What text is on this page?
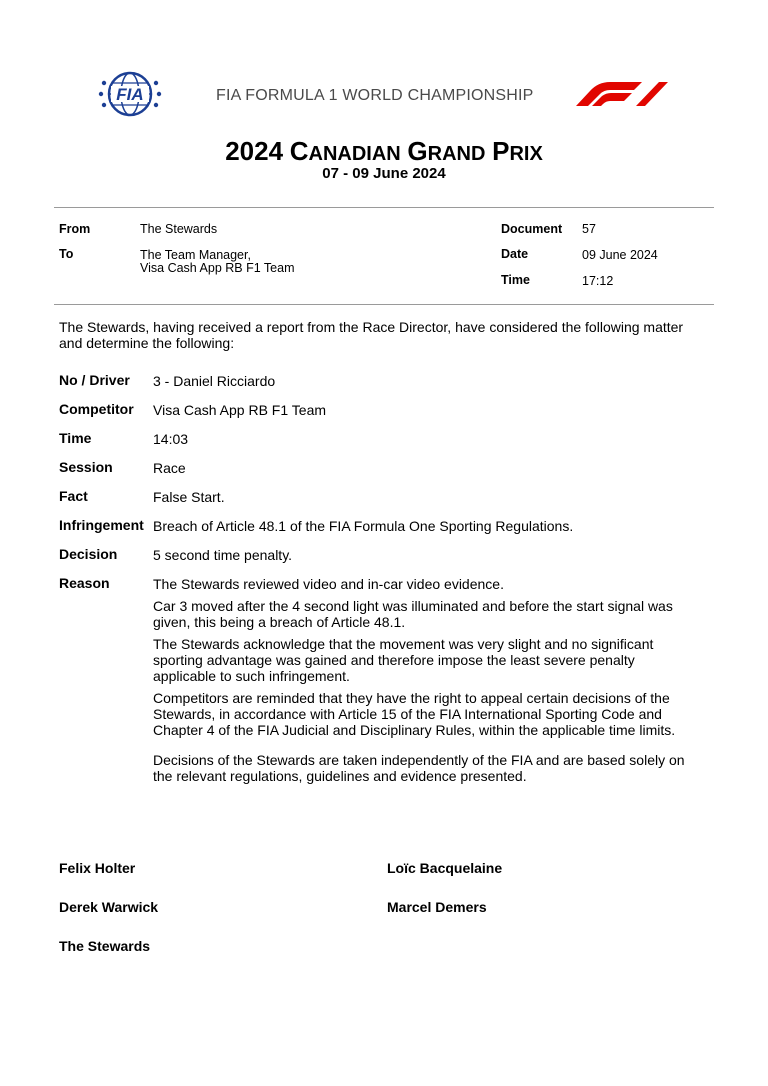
FIA	FIA FORMULA 1 WORLD CHAMPIONSHIP
2024 CANADIAN GRAND PRIX
07 - 09 June 2024
From	The Stewards
To	The Team Manager,
Visa Cash App RB F1 Team
Document 57
Date	09 June 2024
Time	17:12
The Stewards, having received a report from the Race Director, have considered the following matter and determine the following:
No / Driver 3 - Daniel Ricciardo
Competitor Visa Cash App RB F1 Team
Time	14:03
Session	Race
Fact	False Start.
Infringement Breach of Article 48.1 of the FIA Formula One Sporting Regulations.
Decision	5 second time penalty.
Reason	The Stewards reviewed video and in-car video evidence.

Car 3 moved after the 4 second light was illuminated and before the start signal was given, this being a breach of Article 48.1.

The Stewards acknowledge that the movement was very slight and no significant sporting advantage was gained and therefore impose the least severe penalty applicable to such infringement.

Competitors are reminded that they have the right to appeal certain decisions of the Stewards, in accordance with Article 15 of the FIA International Sporting Code and Chapter 4 of the FIA Judicial and Disciplinary Rules, within the applicable time limits.

Decisions of the Stewards are taken independently of the FIA and are based solely on the relevant regulations, guidelines and evidence presented.

Felix Holter	Loïc Bacquelaine
Derek Warwick	Marcel Demers
The Stewards
